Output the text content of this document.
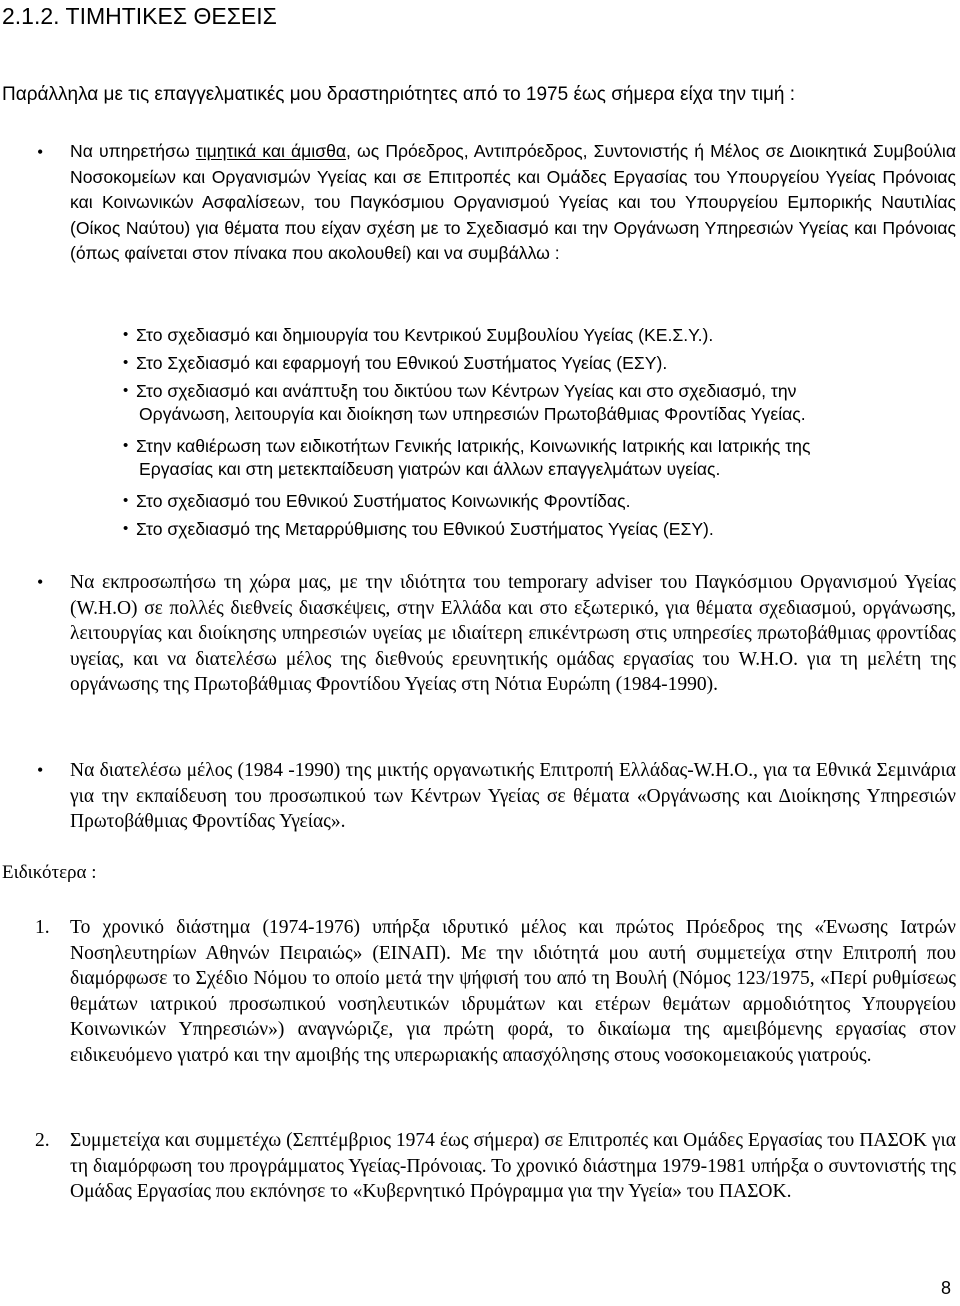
2.1.2. ΤΙΜΗΤΙΚΕΣ ΘΕΣΕΙΣ
Παράλληλα με τις επαγγελματικές μου δραστηριότητες από το 1975 έως σήμερα είχα την τιμή :
• Να υπηρετήσω τιμητικά και άμισθα, ως Πρόεδρος, Αντιπρόεδρος, Συντονιστής ή Μέλος σε Διοικητικά Συμβούλια Νοσοκομείων και Οργανισμών Υγείας και σε Επιτροπές και Ομάδες Εργασίας του Υπουργείου Υγείας Πρόνοιας και Κοινωνικών Ασφαλίσεων, του Παγκόσμιου Οργανισμού Υγείας και του Υπουργείου Εμπορικής Ναυτιλίας (Οίκος Ναύτου) για θέματα που είχαν σχέση με το Σχεδιασμό και την Οργάνωση Υπηρεσιών Υγείας και Πρόνοιας (όπως φαίνεται στον πίνακα που ακολουθεί) και να συμβάλλω :
• Στο σχεδιασμό και δημιουργία του Κεντρικού Συμβουλίου Υγείας (ΚΕ.Σ.Υ.).
• Στο Σχεδιασμό και εφαρμογή του Εθνικού Συστήματος Υγείας (ΕΣΥ).
• Στο σχεδιασμό και ανάπτυξη του δικτύου των Κέντρων Υγείας και στο σχεδιασμό, την
Οργάνωση, λειτουργία και διοίκηση των υπηρεσιών Πρωτοβάθμιας Φροντίδας Υγείας.
• Στην καθιέρωση των ειδικοτήτων Γενικής Ιατρικής, Κοινωνικής Ιατρικής και Ιατρικής της
Εργασίας και στη μετεκπαίδευση γιατρών και άλλων επαγγελμάτων υγείας.
• Στο σχεδιασμό του Εθνικού Συστήματος Κοινωνικής Φροντίδας.
• Στο σχεδιασμό της Μεταρρύθμισης του Εθνικού Συστήματος Υγείας (ΕΣΥ).
• Να εκπροσωπήσω τη χώρα μας, με την ιδιότητα του temporary adviser του Παγκόσμιου Οργανισμού Υγείας (W.H.O) σε πολλές διεθνείς διασκέψεις, στην Ελλάδα και στο εξωτερικό, για θέματα σχεδιασμού, οργάνωσης, λειτουργίας και διοίκησης υπηρεσιών υγείας με ιδιαίτερη επικέντρωση στις υπηρεσίες πρωτοβάθμιας φροντίδας υγείας, και να διατελέσω μέλος της διεθνούς ερευνητικής ομάδας εργασίας του W.H.O. για τη μελέτη της οργάνωσης της Πρωτοβάθμιας Φροντίδου Υγείας στη Νότια Ευρώπη (1984-1990).
• Να διατελέσω μέλος (1984 -1990) της μικτής οργανωτικής Επιτροπή Ελλάδας-W.H.O., για τα Εθνικά Σεμινάρια για την εκπαίδευση του προσωπικού των Κέντρων Υγείας σε θέματα «Οργάνωσης και Διοίκησης Υπηρεσιών Πρωτοβάθμιας Φροντίδας Υγείας».
Ειδικότερα :
1. Το χρονικό διάστημα (1974-1976) υπήρξα ιδρυτικό μέλος και πρώτος Πρόεδρος της «Ένωσης Ιατρών Νοσηλευτηρίων Αθηνών Πειραιώς» (ΕΙΝΑΠ). Με την ιδιότητά μου αυτή συμμετείχα στην Επιτροπή που διαμόρφωσε το Σχέδιο Νόμου το οποίο μετά την ψήφισή του από τη Βουλή (Νόμος 123/1975, «Περί ρυθμίσεως θεμάτων ιατρικού προσωπικού νοσηλευτικών ιδρυμάτων και ετέρων θεμάτων αρμοδιότητος Υπουργείου Κοινωνικών Υπηρεσιών») αναγνώριζε, για πρώτη φορά, το δικαίωμα της αμειβόμενης εργασίας στον ειδικευόμενο γιατρό και την αμοιβής της υπερωριακής απασχόλησης στους νοσοκομειακούς γιατρούς.
2. Συμμετείχα και συμμετέχω (Σεπτέμβριος 1974 έως σήμερα) σε Επιτροπές και Ομάδες Εργασίας του ΠΑΣΟΚ για τη διαμόρφωση του προγράμματος Υγείας-Πρόνοιας. Το χρονικό διάστημα 1979-1981 υπήρξα ο συντονιστής της Ομάδας Εργασίας που εκπόνησε το «Κυβερνητικό Πρόγραμμα για την Υγεία» του ΠΑΣΟΚ.
8
